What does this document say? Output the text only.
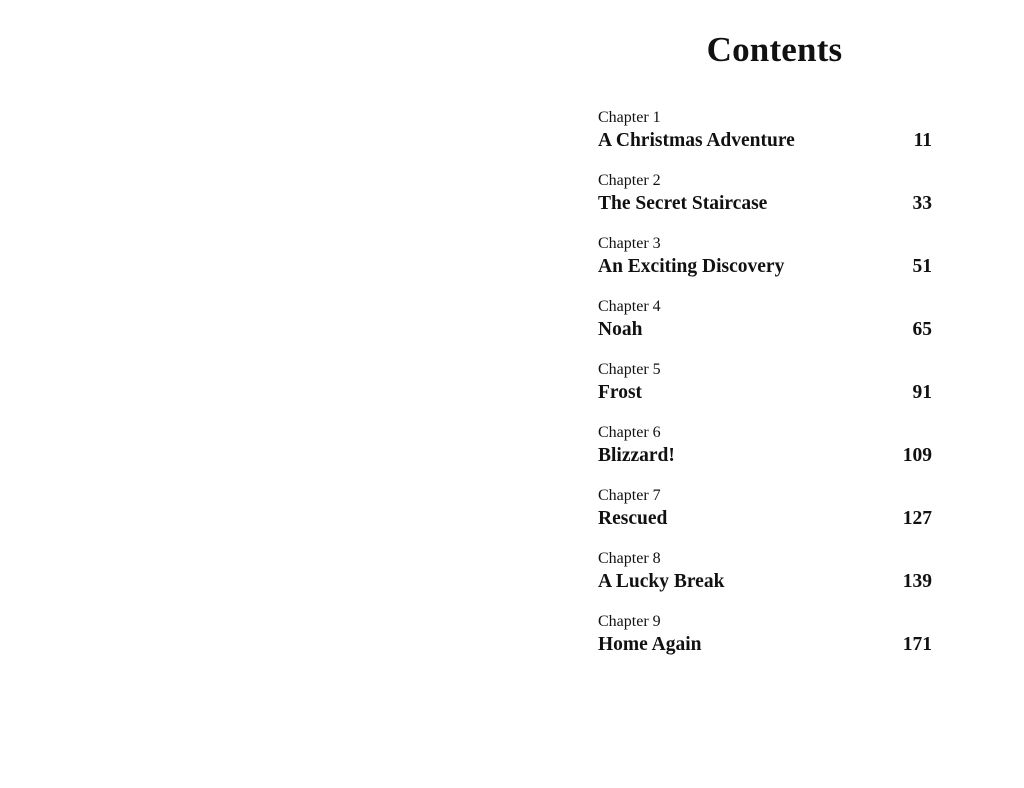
Contents
Chapter 1
A Christmas Adventure	11
Chapter 2
The Secret Staircase	33
Chapter 3
An Exciting Discovery	51
Chapter 4
Noah	65
Chapter 5
Frost	91
Chapter 6
Blizzard!	109
Chapter 7
Rescued	127
Chapter 8
A Lucky Break	139
Chapter 9
Home Again	171
